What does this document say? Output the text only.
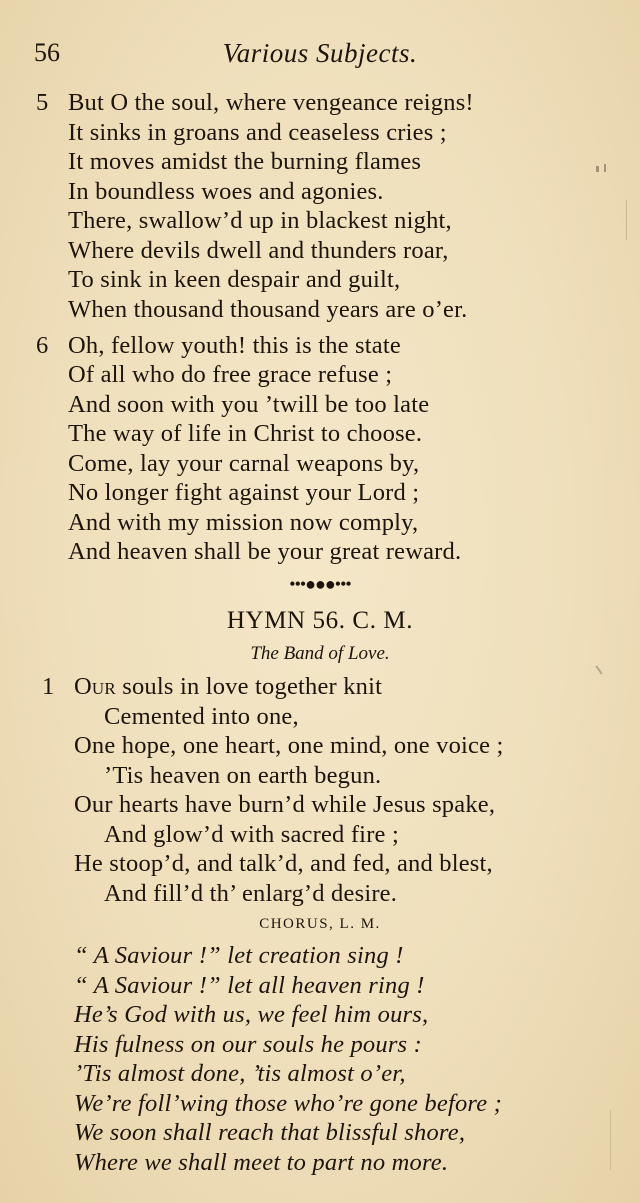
56	Various Subjects.
5 But O the soul, where vengeance reigns!
It sinks in groans and ceaseless cries ;
It moves amidst the burning flames
In boundless woes and agonies.
There, swallow’d up in blackest night,
Where devils dwell and thunders roar,
To sink in keen despair and guilt,
When thousand thousand years are o’er.
6 Oh, fellow youth! this is the state
Of all who do free grace refuse ;
And soon with you ’twill be too late
The way of life in Christ to choose.
Come, lay your carnal weapons by,
No longer fight against your Lord ;
And with my mission now comply,
And heaven shall be your great reward.
•••●●●•••
HYMN 56. C. M.
The Band of Love.
1 Our souls in love together knit
Cemented into one,
One hope, one heart, one mind, one voice ;
’Tis heaven on earth begun.
Our hearts have burn’d while Jesus spake,
And glow’d with sacred fire ;
He stoop’d, and talk’d, and fed, and blest,
And fill’d th’ enlarg’d desire.
CHORUS, L. M.
“ A Saviour !” let creation sing !
“ A Saviour !” let all heaven ring !
He’s God with us, we feel him ours,
His fulness on our souls he pours :
’Tis almost done, ’tis almost o’er,
We’re foll’wing those who’re gone before ;
We soon shall reach that blissful shore,
Where we shall meet to part no more.
